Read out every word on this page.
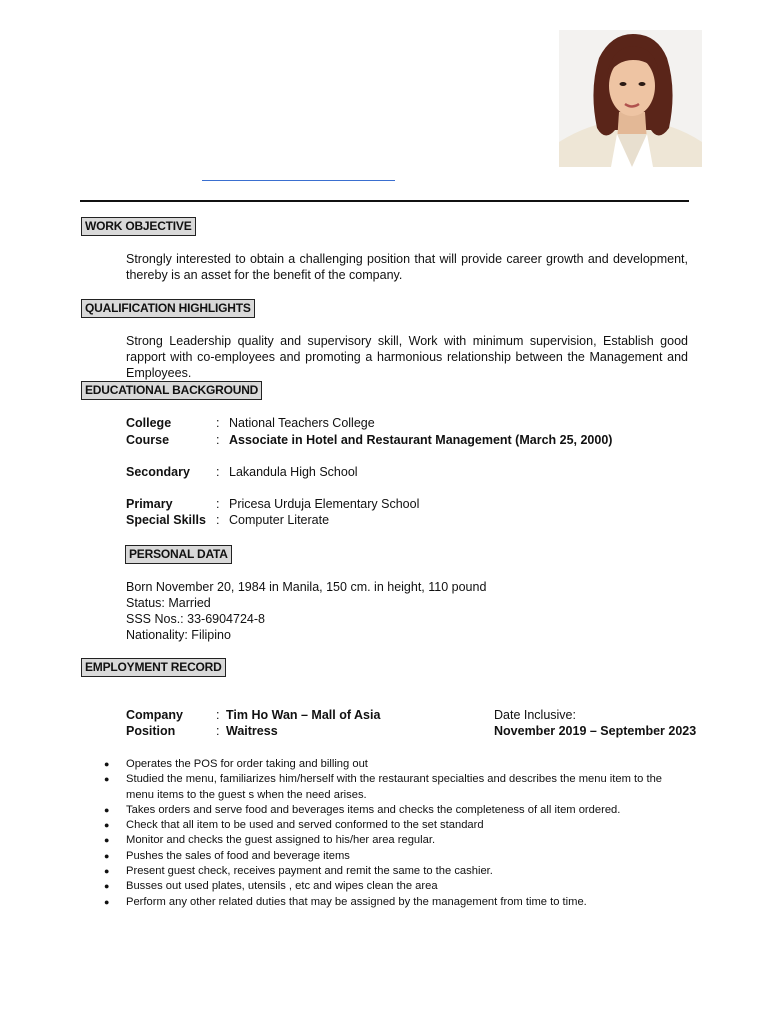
WORK OBJECTIVE

Strongly interested to obtain a challenging position that will provide career growth and development, thereby is an asset for the benefit of the company.

QUALIFICATION HIGHLIGHTS

Strong Leadership quality and supervisory skill, Work with minimum supervision, Establish good rapport with co-employees and promoting a harmonious relationship between the Management and Employees.

EDUCATIONAL BACKGROUND
College	: National Teachers College
Course	: Associate in Hotel and Restaurant Management (March 25, 2000)
Secondary : Lakandula High School
Primary	: Pricesa Urduja Elementary School
Special Skills : Computer Literate
PERSONAL DATA
Born November 20, 1984 in Manila, 150 cm. in height, 110 pound
Status: Married
SSS Nos.: 33-6904724-8
Nationality: Filipino
EMPLOYMENT RECORD
Company	: Tim Ho Wan – Mall of Asia	Date Inclusive:
Position	: Waitress	November 2019 – September 2023
● Operates the POS for order taking and billing out
● Studied the menu, familiarizes him/herself with the restaurant specialties and describes the menu item to the menu items to the guest s when the need arises.
● Takes orders and serve food and beverages items and checks the completeness of all item ordered.
● Check that all item to be used and served conformed to the set standard
● Monitor and checks the guest assigned to his/her area regular.
● Pushes the sales of food and beverage items
● Present guest check, receives payment and remit the same to the cashier.
● Busses out used plates, utensils , etc and wipes clean the area
● Perform any other related duties that may be assigned by the management from time to time.
